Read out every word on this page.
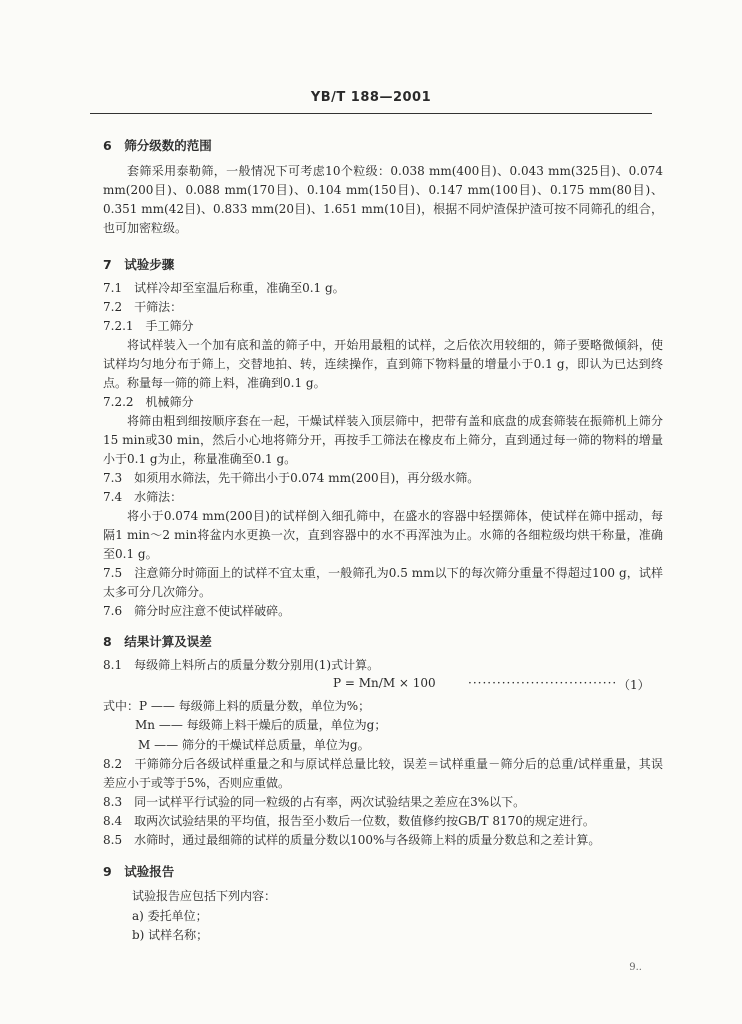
YB/T 188—2001
6　筛分级数的范围

套筛采用泰勒筛，一般情况下可考虑10个粒级：0.038 mm(400目)、0.043 mm(325目)、0.074 mm(200目)、0.088 mm(170目)、0.104 mm(150目)、0.147 mm(100目)、0.175 mm(80目)、0.351 mm(42目)、0.833 mm(20目)、1.651 mm(10目)，根据不同炉渣保护渣可按不同筛孔的组合，也可加密粒级。

7　试验步骤

7.1　试样冷却至室温后称重，准确至0.1 g。

7.2　干筛法：

7.2.1　手工筛分

将试样装入一个加有底和盖的筛子中，开始用最粗的试样，之后依次用较细的，筛子要略微倾斜，使试样均匀地分布于筛上，交替地拍、转，连续操作，直到筛下物料量的增量小于0.1 g，即认为已达到终点。称量每一筛的筛上料，准确到0.1 g。

7.2.2　机械筛分

将筛由粗到细按顺序套在一起，干燥试样装入顶层筛中，把带有盖和底盘的成套筛装在振筛机上筛分15 min或30 min，然后小心地将筛分开，再按手工筛法在橡皮布上筛分，直到通过每一筛的物料的增量小于0.1 g为止，称量准确至0.1 g。

7.3　如须用水筛法，先干筛出小于0.074 mm(200目)，再分级水筛。

7.4　水筛法：

将小于0.074 mm(200目)的试样倒入细孔筛中，在盛水的容器中轻摆筛体，使试样在筛中摇动，每隔1 min～2 min将盆内水更换一次，直到容器中的水不再浑浊为止。水筛的各细粒级均烘干称量，准确至0.1 g。

7.5　注意筛分时筛面上的试样不宜太重，一般筛孔为0.5 mm以下的每次筛分重量不得超过100 g，试样太多可分几次筛分。

7.6　筛分时应注意不使试样破碎。

8　结果计算及误差

8.1　每级筛上料所占的质量分数分别用(1)式计算。

P = Mn/M × 100	······························· （1）

式中：P —— 每级筛上料的质量分数，单位为%；

Mn —— 每级筛上料干燥后的质量，单位为g；

M —— 筛分的干燥试样总质量，单位为g。

8.2　干筛筛分后各级试样重量之和与原试样总量比较，误差＝试样重量－筛分后的总重/试样重量，其误差应小于或等于5%，否则应重做。

8.3　同一试样平行试验的同一粒级的占有率，两次试验结果之差应在3%以下。

8.4　取两次试验结果的平均值，报告至小数后一位数，数值修约按GB/T 8170的规定进行。

8.5　水筛时，通过最细筛的试样的质量分数以100%与各级筛上料的质量分数总和之差计算。

9　试验报告

试验报告应包括下列内容：

a) 委托单位；

b) 试样名称；

9..
